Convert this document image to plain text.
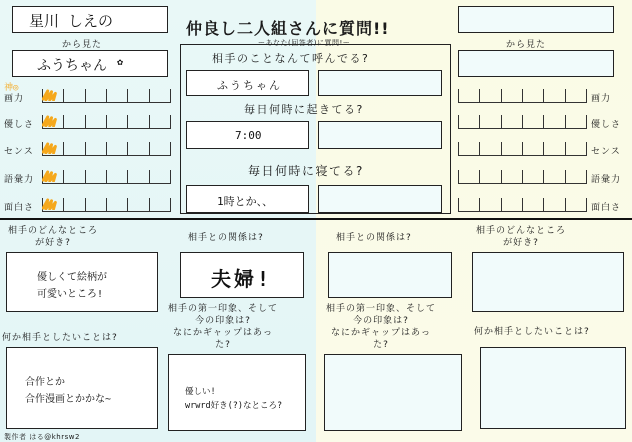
仲良し二人組さんに質問!!
ーあなた(回答者)に質問!ー
星川 しえの
から見た
ふうちゃん ✿
神◎
から見た
画力
優しさ
センス
語彙力
面白さ
画力
優しさ
センス
語彙力
面白さ
相手のことなんて呼んでる?
ふうちゃん
毎日何時に起きてる?
7:00
毎日何時に寝てる?
1時とか、、
相手のどんなところ
が好き?
優しくて絵柄が
可愛いところ!
相手との関係は?
夫婦!
相手との関係は?
相手のどんなところ
が好き?
何か相手としたいことは?
合作とか
合作漫画とかかな~
相手の第一印象、そして
今の印象は?
なにかギャップはあっ
た?
優しい!
wrwrd好き(?)なところ?
相手の第一印象、そして
今の印象は?
なにかギャップはあっ
た?
何か相手としたいことは?
製作者 はる@khrsw2
